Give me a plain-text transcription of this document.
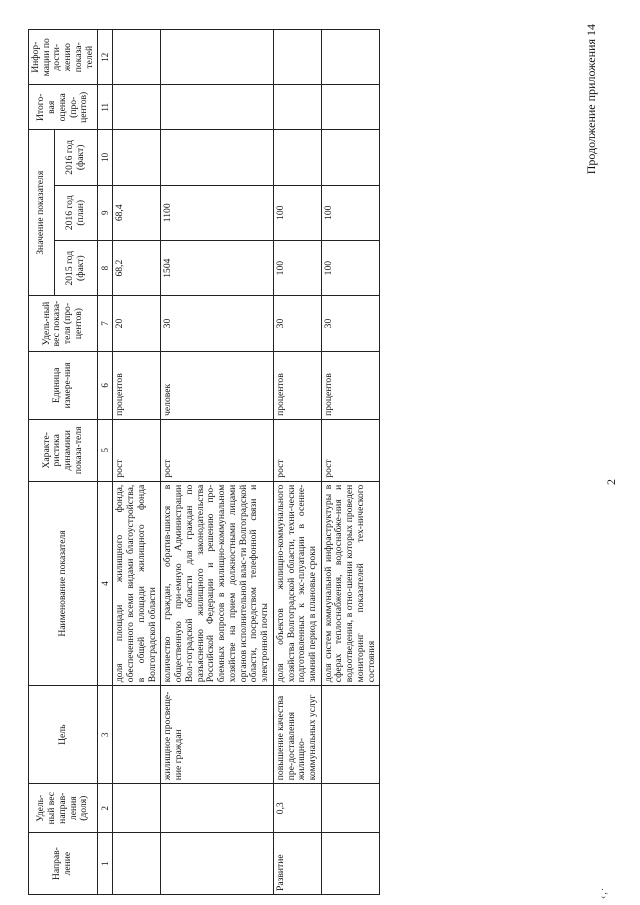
2
Продолжение приложения 14
‹,·
Направ-ление	Удель-ный вес направ-ления (доля)	Цель	Наименование показателя	Характе-ристика динамики показа-теля	Единица измере-ния	Удель-ный вес показа-теля (про-центов)	Значение показателя			Итого-вая оценка (про-центов)	Инфор-мации по дости-жению показа-телей
							2015 год (факт)	2016 год (план)	2016 год (факт)		
1	2	3	4	5	6	7	8	9	10	11	12
			доля площади жилищного фонда, обеспеченного всеми видами благоустройства, в общей площади жилищного фонда Волгоградской области	рост	процентов	20	68,2	68,4			
		жилищное просвеще-ние граждан	количество граждан, обратив-шихся в общественную при-емную Администрации Вол-гоградской области для граждан по разъяснению жилищного законодательства Российской Федерации и решению про-блемных вопросов в жилищно-коммунальном хозяйстве на прием должностными лицами органов исполнительной влас-ти Волгоградской области, посредством телефонной связи и электронной почты	рост	человек	30	1504	1100			
Развитие	0,3	повышение качества пре-доставления жилищно-коммунальных услуг	доля объектов жилищно-коммунального хозяйства Волгоградской области, техни-чески подготовленных к экс-плуатации в осенне-зимний период в плановые сроки	рост	процентов	30	100	100			
			доля систем коммунальной инфраструктуры в сферах теплоснабжения, водоснабже-ния и водоотведения, в отно-шении которых проведен мониторинг показателей тех-нического состояния	рост	процентов	30	100	100			
